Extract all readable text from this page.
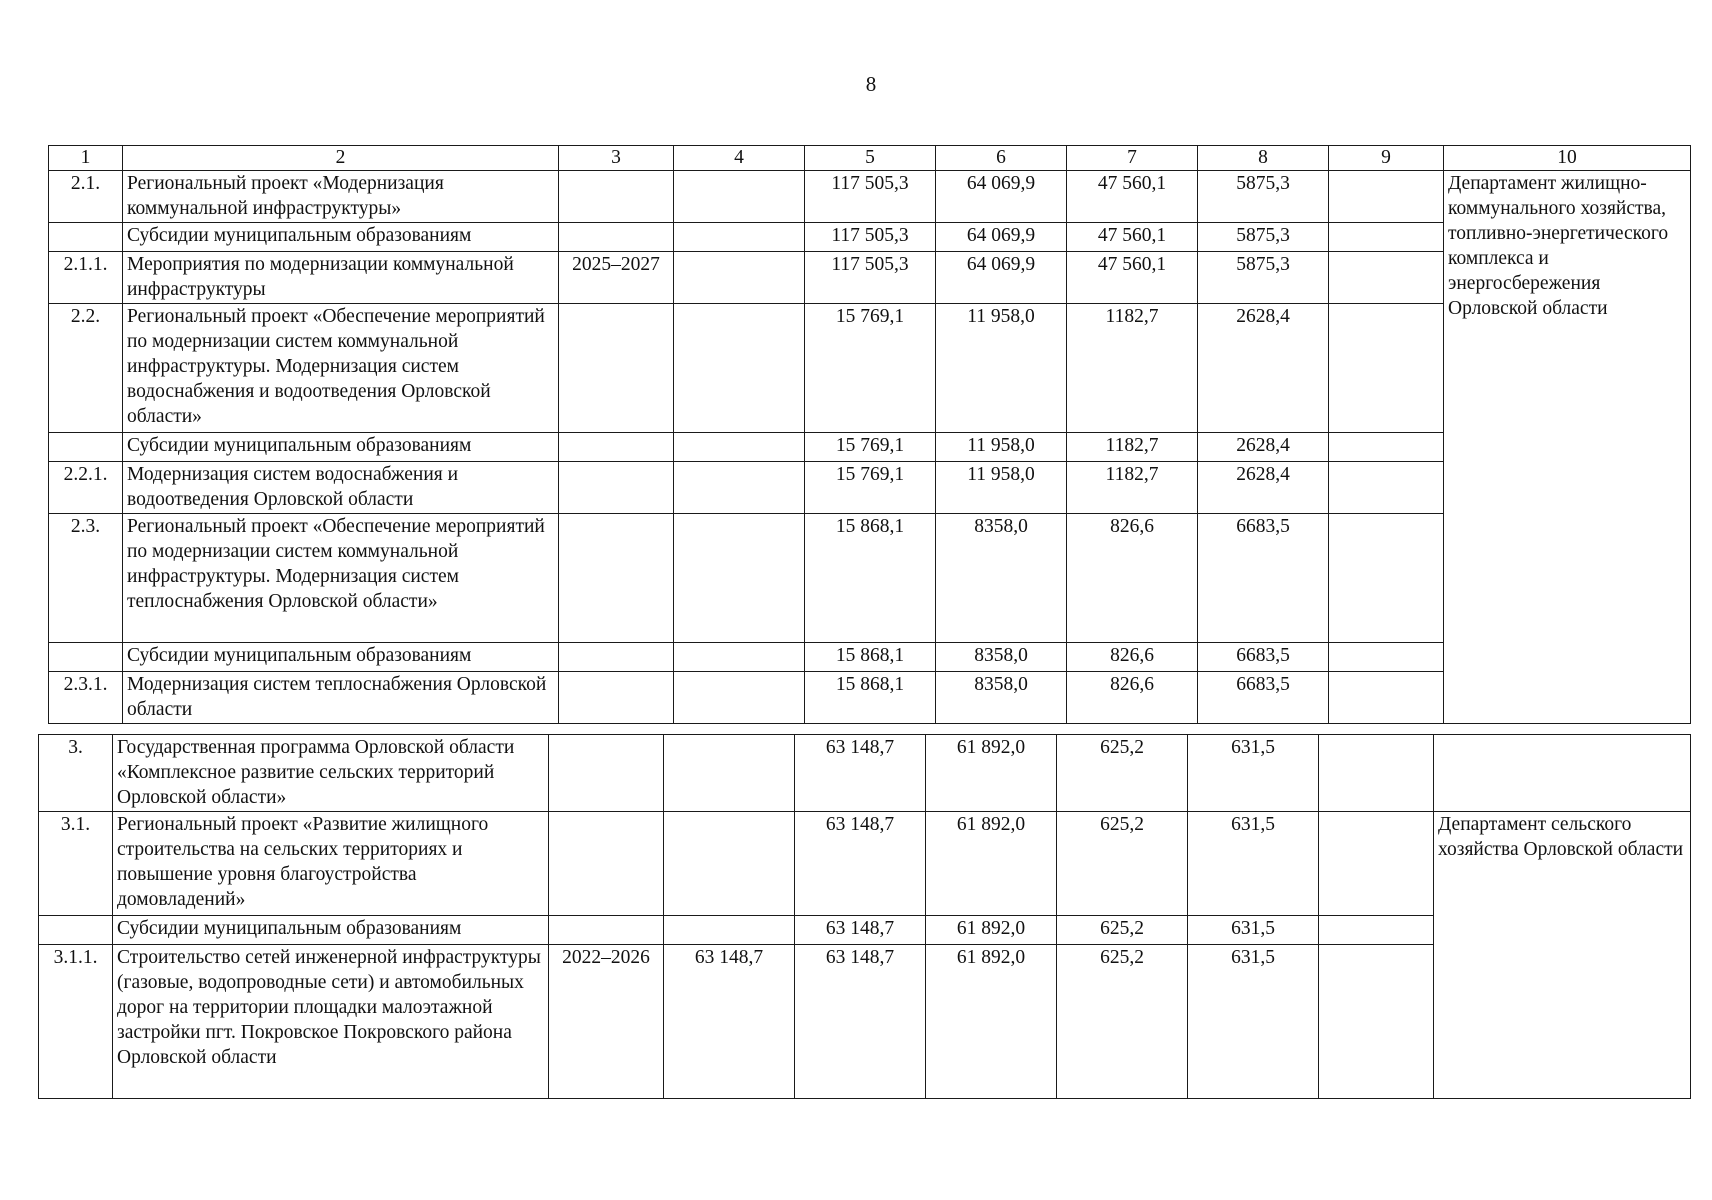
8
1	2	3	4	5	6	7	8	9	10
2.1.	Региональный проект «Модернизация коммунальной инфраструктуры»			117 505,3	64 069,9	47 560,1	5875,3		Департамент жилищно-коммунального хозяйства, топливно-энергетического комплекса и энергосбережения Орловской области
	Субсидии муниципальным образованиям			117 505,3	64 069,9	47 560,1	5875,3		
2.1.1.	Мероприятия по модернизации коммунальной инфраструктуры	2025–2027		117 505,3	64 069,9	47 560,1	5875,3		
2.2.	Региональный проект «Обеспечение мероприятий по модернизации систем коммунальной инфраструктуры. Модернизация систем водоснабжения и водоотведения Орловской области»			15 769,1	11 958,0	1182,7	2628,4		
	Субсидии муниципальным образованиям			15 769,1	11 958,0	1182,7	2628,4		
2.2.1.	Модернизация систем водоснабжения и водоотведения Орловской области			15 769,1	11 958,0	1182,7	2628,4		
2.3.	Региональный проект «Обеспечение мероприятий по модернизации систем коммунальной инфраструктуры. Модернизация систем теплоснабжения Орловской области»			15 868,1	8358,0	826,6	6683,5		
	Субсидии муниципальным образованиям			15 868,1	8358,0	826,6	6683,5		
2.3.1.	Модернизация систем теплоснабжения Орловской области			15 868,1	8358,0	826,6	6683,5		
3.	Государственная программа Орловской области «Комплексное развитие сельских территорий Орловской области»			63 148,7	61 892,0	625,2	631,5		
3.1.	Региональный проект «Развитие жилищного строительства на сельских территориях и повышение уровня благоустройства домовладений»			63 148,7	61 892,0	625,2	631,5		Департамент сельского хозяйства Орловской области
	Субсидии муниципальным образованиям			63 148,7	61 892,0	625,2	631,5		
3.1.1.	Строительство сетей инженерной инфраструктуры (газовые, водопроводные сети) и автомобильных дорог на территории площадки малоэтажной застройки пгт. Покровское Покровского района Орловской области	2022–2026	63 148,7	63 148,7	61 892,0	625,2	631,5		
